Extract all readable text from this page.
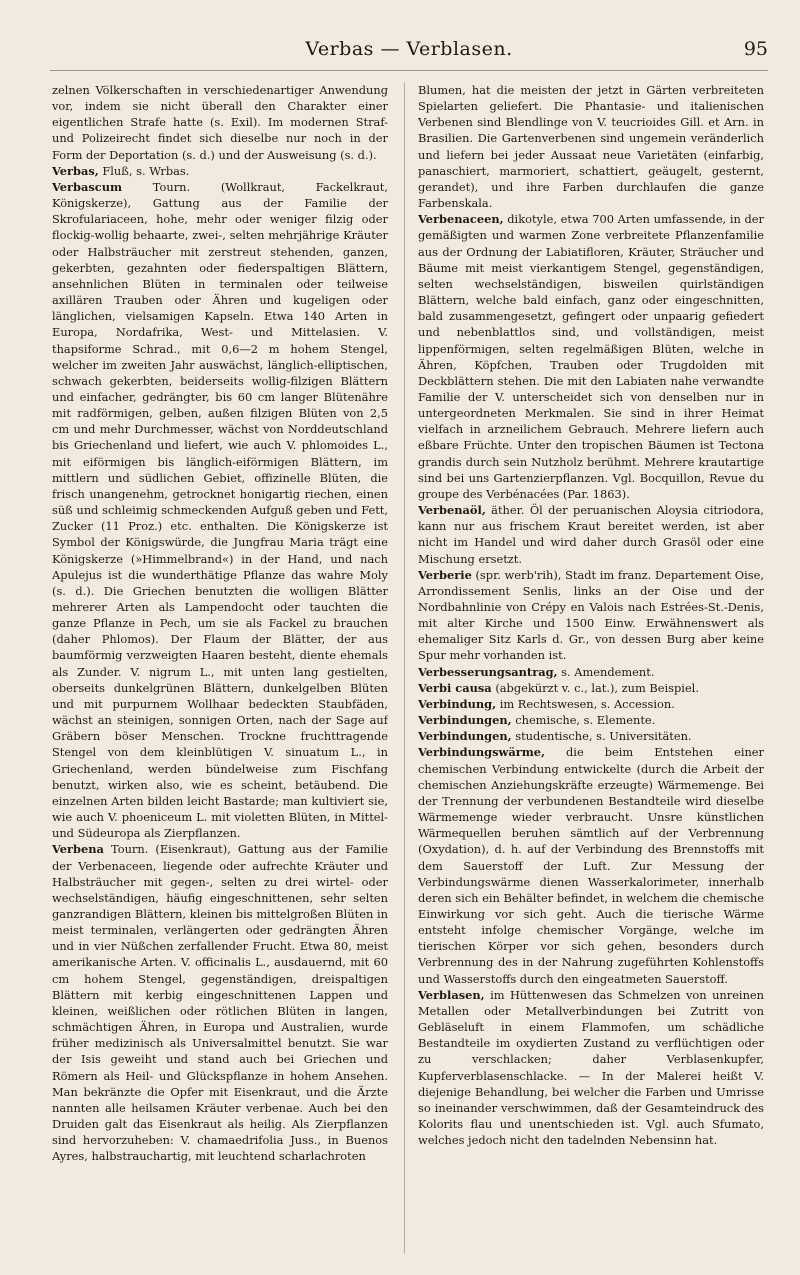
Verbas — Verblasen.	95

zelnen Völkerschaften in verschiedenartiger Anwendung vor, indem sie nicht überall den Charakter einer eigentlichen Strafe hatte (s. Exil). Im modernen Straf- und Polizeirecht findet sich dieselbe nur noch in der Form der Deportation (s. d.) und der Ausweisung (s. d.).

Verbas, Fluß, s. Wrbas.

Verbascum Tourn. (Wollkraut, Fackelkraut, Königskerze), Gattung aus der Familie der Skrofulariaceen, hohe, mehr oder weniger filzig oder flockig-wollig behaarte, zwei-, selten mehrjährige Kräuter oder Halbsträucher mit zerstreut stehenden, ganzen, gekerbten, gezahnten oder fiederspaltigen Blättern, ansehnlichen Blüten in terminalen oder teilweise axillären Trauben oder Ähren und kugeligen oder länglichen, vielsamigen Kapseln. Etwa 140 Arten in Europa, Nordafrika, West- und Mittelasien. V. thapsiforme Schrad., mit 0,6—2 m hohem Stengel, welcher im zweiten Jahr auswächst, länglich-elliptischen, schwach gekerbten, beiderseits wollig-filzigen Blättern und einfacher, gedrängter, bis 60 cm langer Blütenähre mit radförmigen, gelben, außen filzigen Blüten von 2,5 cm und mehr Durchmesser, wächst von Norddeutschland bis Griechenland und liefert, wie auch V. phlomoides L., mit eiförmigen bis länglich-eiförmigen Blättern, im mittlern und südlichen Gebiet, offizinelle Blüten, die frisch unangenehm, getrocknet honigartig riechen, einen süß und schleimig schmeckenden Aufguß geben und Fett, Zucker (11 Proz.) etc. enthalten. Die Königskerze ist Symbol der Königswürde, die Jungfrau Maria trägt eine Königskerze (»Himmelbrand«) in der Hand, und nach Apulejus ist die wunderthätige Pflanze das wahre Moly (s. d.). Die Griechen benutzten die wolligen Blätter mehrerer Arten als Lampendocht oder tauchten die ganze Pflanze in Pech, um sie als Fackel zu brauchen (daher Phlomos). Der Flaum der Blätter, der aus baumförmig verzweigten Haaren besteht, diente ehemals als Zunder. V. nigrum L., mit unten lang gestielten, oberseits dunkelgrünen Blättern, dunkelgelben Blüten und mit purpurnem Wollhaar bedeckten Staubfäden, wächst an steinigen, sonnigen Orten, nach der Sage auf Gräbern böser Menschen. Trockne fruchttragende Stengel von dem kleinblütigen V. sinuatum L., in Griechenland, werden bündelweise zum Fischfang benutzt, wirken also, wie es scheint, betäubend. Die einzelnen Arten bilden leicht Bastarde; man kultiviert sie, wie auch V. phoeniceum L. mit violetten Blüten, in Mittel- und Südeuropa als Zierpflanzen.

Verbena Tourn. (Eisenkraut), Gattung aus der Familie der Verbenaceen, liegende oder aufrechte Kräuter und Halbsträucher mit gegen-, selten zu drei wirtel- oder wechselständigen, häufig eingeschnittenen, sehr selten ganzrandigen Blättern, kleinen bis mittelgroßen Blüten in meist terminalen, verlängerten oder gedrängten Ähren und in vier Nüßchen zerfallender Frucht. Etwa 80, meist amerikanische Arten. V. officinalis L., ausdauernd, mit 60 cm hohem Stengel, gegenständigen, dreispaltigen Blättern mit kerbig eingeschnittenen Lappen und kleinen, weißlichen oder rötlichen Blüten in langen, schmächtigen Ähren, in Europa und Australien, wurde früher medizinisch als Universalmittel benutzt. Sie war der Isis geweiht und stand auch bei Griechen und Römern als Heil- und Glückspflanze in hohem Ansehen. Man bekränzte die Opfer mit Eisenkraut, und die Ärzte nannten alle heilsamen Kräuter verbenae. Auch bei den Druiden galt das Eisenkraut als heilig. Als Zierpflanzen sind hervorzuheben: V. chamaedrifolia Juss., in Buenos Ayres, halbstrauchartig, mit leuchtend scharlachroten

Blumen, hat die meisten der jetzt in Gärten verbreiteten Spielarten geliefert. Die Phantasie- und italienischen Verbenen sind Blendlinge von V. teucrioides Gill. et Arn. in Brasilien. Die Gartenverbenen sind ungemein veränderlich und liefern bei jeder Aussaat neue Varietäten (einfarbig, panaschiert, marmoriert, schattiert, geäugelt, gesternt, gerandet), und ihre Farben durchlaufen die ganze Farbenskala.

Verbenaceen, dikotyle, etwa 700 Arten umfassende, in der gemäßigten und warmen Zone verbreitete Pflanzenfamilie aus der Ordnung der Labiatifloren, Kräuter, Sträucher und Bäume mit meist vierkantigem Stengel, gegenständigen, selten wechselständigen, bisweilen quirlständigen Blättern, welche bald einfach, ganz oder eingeschnitten, bald zusammengesetzt, gefingert oder unpaarig gefiedert und nebenblattlos sind, und vollständigen, meist lippenförmigen, selten regelmäßigen Blüten, welche in Ähren, Köpfchen, Trauben oder Trugdolden mit Deckblättern stehen. Die mit den Labiaten nahe verwandte Familie der V. unterscheidet sich von denselben nur in untergeordneten Merkmalen. Sie sind in ihrer Heimat vielfach in arzneilichem Gebrauch. Mehrere liefern auch eßbare Früchte. Unter den tropischen Bäumen ist Tectona grandis durch sein Nutzholz berühmt. Mehrere krautartige sind bei uns Gartenzierpflanzen. Vgl. Bocquillon, Revue du groupe des Verbénacées (Par. 1863).

Verbenaöl, äther. Öl der peruanischen Aloysia citriodora, kann nur aus frischem Kraut bereitet werden, ist aber nicht im Handel und wird daher durch Grasöl oder eine Mischung ersetzt.

Verberie (spr. werb'rih), Stadt im franz. Departement Oise, Arrondissement Senlis, links an der Oise und der Nordbahnlinie von Crépy en Valois nach Estrées-St.-Denis, mit alter Kirche und 1500 Einw. Erwähnenswert als ehemaliger Sitz Karls d. Gr., von dessen Burg aber keine Spur mehr vorhanden ist.

Verbesserungsantrag, s. Amendement.

Verbi causa (abgekürzt v. c., lat.), zum Beispiel.

Verbindung, im Rechtswesen, s. Accession.

Verbindungen, chemische, s. Elemente.

Verbindungen, studentische, s. Universitäten.

Verbindungswärme, die beim Entstehen einer chemischen Verbindung entwickelte (durch die Arbeit der chemischen Anziehungskräfte erzeugte) Wärmemenge. Bei der Trennung der verbundenen Bestandteile wird dieselbe Wärmemenge wieder verbraucht. Unsre künstlichen Wärmequellen beruhen sämtlich auf der Verbrennung (Oxydation), d. h. auf der Verbindung des Brennstoffs mit dem Sauerstoff der Luft. Zur Messung der Verbindungswärme dienen Wasserkalorimeter, innerhalb deren sich ein Behälter befindet, in welchem die chemische Einwirkung vor sich geht. Auch die tierische Wärme entsteht infolge chemischer Vorgänge, welche im tierischen Körper vor sich gehen, besonders durch Verbrennung des in der Nahrung zugeführten Kohlenstoffs und Wasserstoffs durch den eingeatmeten Sauerstoff.

Verblasen, im Hüttenwesen das Schmelzen von unreinen Metallen oder Metallverbindungen bei Zutritt von Gebläseluft in einem Flammofen, um schädliche Bestandteile im oxydierten Zustand zu verflüchtigen oder zu verschlacken; daher Verblasenkupfer, Kupferverblasenschlacke. — In der Malerei heißt V. diejenige Behandlung, bei welcher die Farben und Umrisse so ineinander verschwimmen, daß der Gesamteindruck des Kolorits flau und unentschieden ist. Vgl. auch Sfumato, welches jedoch nicht den tadelnden Nebensinn hat.
